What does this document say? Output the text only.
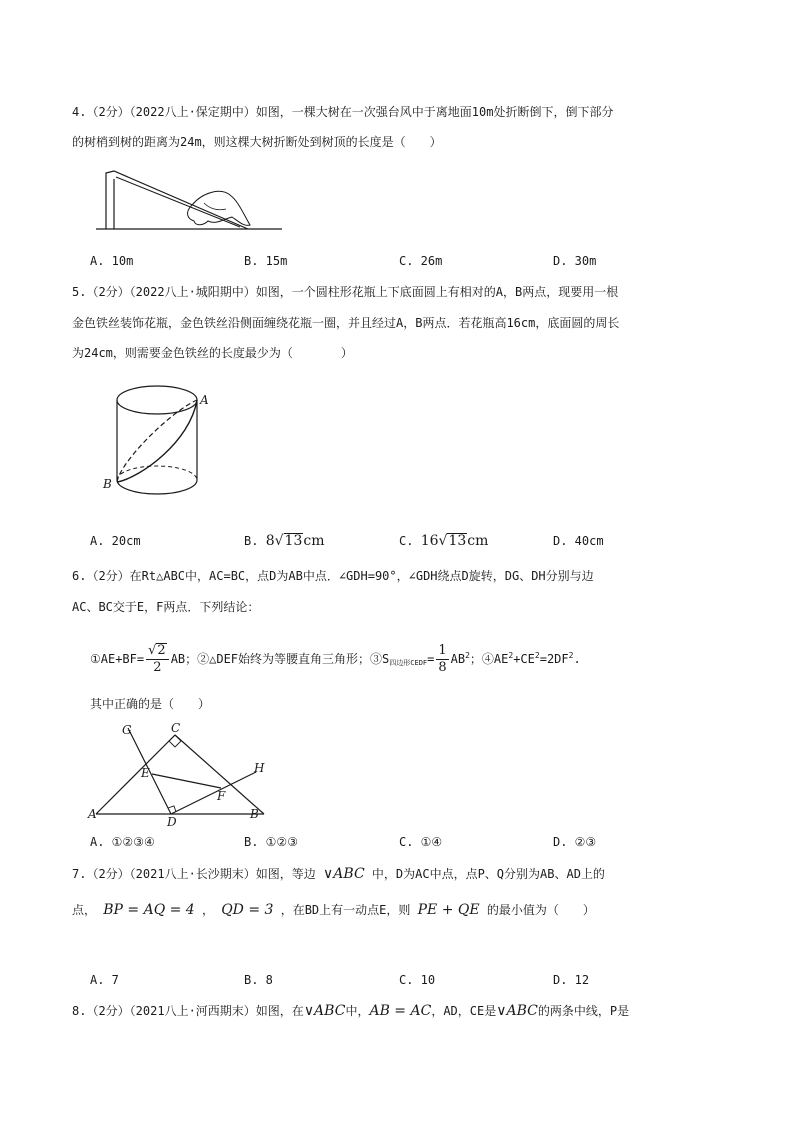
4.（2分）（2022八上·保定期中）如图，一棵大树在一次强台风中于离地面10m处折断倒下，倒下部分
的树梢到树的距离为24m，则这棵大树折断处到树顶的长度是（　　）
A. 10m	B. 15m	C. 26m	D. 30m
5.（2分）（2022八上·城阳期中）如图，一个圆柱形花瓶上下底面圆上有相对的A，B两点，现要用一根
金色铁丝装饰花瓶，金色铁丝沿侧面缠绕花瓶一圈，并且经过A，B两点．若花瓶高16cm，底面圆的周长
为24cm，则需要金色铁丝的长度最少为（　　　　）
A
B
A. 20cm	B. 8√13cm	C. 16√13cm	D. 40cm
6.（2分）在Rt△ABC中，AC=BC，点D为AB中点．∠GDH=90°，∠GDH绕点D旋转，DG、DH分别与边
AC、BC交于E，F两点．下列结论：
①AE+BF= $\frac{√2}{2}$ AB；②△DEF始终为等腰直角三角形；$③S_{四边形CEDF}= \frac{1}{8} AB^2$；$④AE^2+CE^2=2DF^2$.
其中正确的是（　　）
G	C
H
E
F
A
D
B
A. ①②③④	B. ①②③	C. ①④	D. ②③
7.（2分）（2021八上·长沙期末）如图，等边 ∨ABC 中，D为AC中点，点P、Q分别为AB、AD上的
点， BP = AQ = 4 ， QD = 3 ，在BD上有一动点E，则 PE + QE 的最小值为（　　）
A. 7	B. 8	C. 10	D. 12
8.（2分）（2021八上·河西期末）如图，在∨ABC中，AB = AC，AD，CE是∨ABC的两条中线，P是
